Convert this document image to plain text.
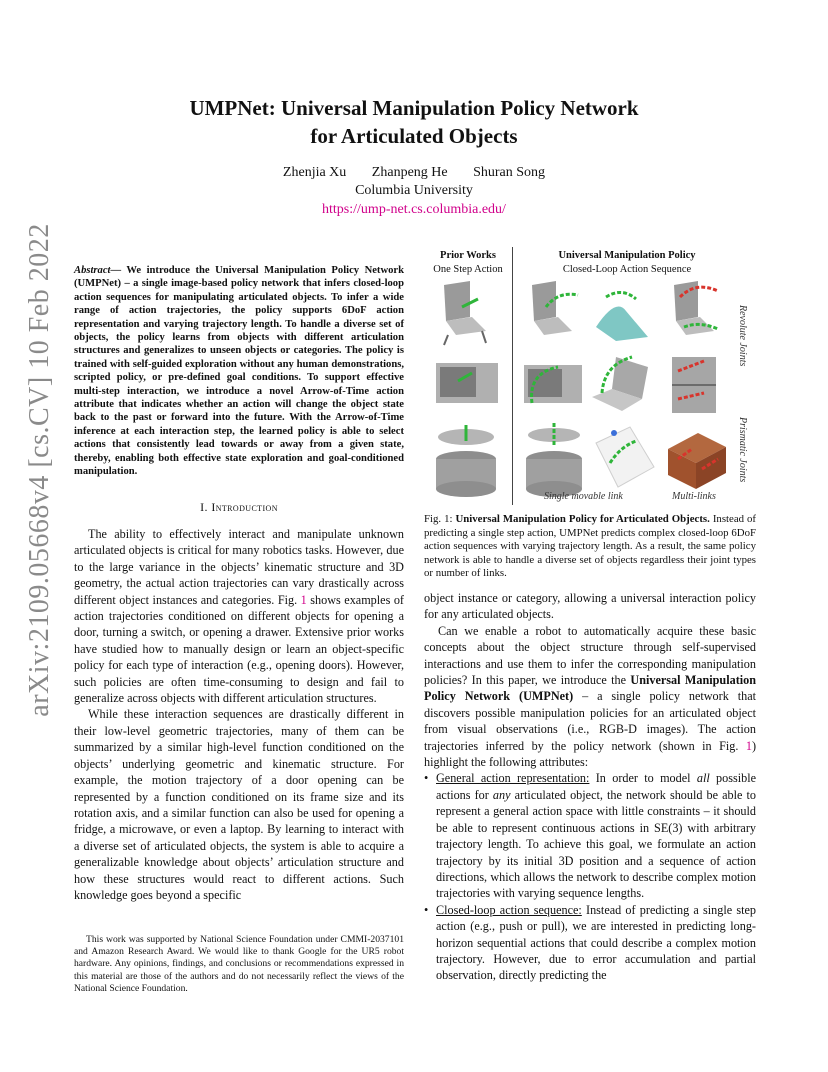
arXiv:2109.05668v4 [cs.CV] 10 Feb 2022
UMPNet: Universal Manipulation Policy Network
for Articulated Objects
Zhenjia Xu Zhanpeng He Shuran Song
Columbia University
https://ump-net.cs.columbia.edu/

Abstract— We introduce the Universal Manipulation Policy Network (UMPNet) – a single image-based policy network that infers closed-loop action sequences for manipulating articulated objects. To infer a wide range of action trajectories, the policy supports 6DoF action representation and varying trajectory length. To handle a diverse set of objects, the policy learns from objects with different articulation structures and generalizes to unseen objects or categories. The policy is trained with self-guided exploration without any human demonstrations, scripted policy, or pre-defined goal conditions. To support effective multi-step interaction, we introduce a novel Arrow-of-Time action attribute that indicates whether an action will change the object state back to the past or forward into the future. With the Arrow-of-Time inference at each interaction step, the learned policy is able to select actions that consistently lead towards or away from a given state, thereby, enabling both effective state exploration and goal-conditioned manipulation.

I. Introduction

The ability to effectively interact and manipulate unknown articulated objects is critical for many robotics tasks. However, due to the large variance in the objects’ kinematic structure and 3D geometry, the actual action trajectories can vary drastically across different object instances and categories. Fig. 1 shows examples of action trajectories conditioned on different objects for opening a door, turning a switch, or opening a drawer. Extensive prior works have studied how to manually design or learn an object-specific policy for each type of interaction (e.g., opening doors). However, such policies are often time-consuming to design and fail to generalize across objects with different articulation structures.

While these interaction sequences are drastically different in their low-level geometric trajectories, many of them can be summarized by a similar high-level function conditioned on the objects’ underlying geometric and kinematic structure. For example, the motion trajectory of a door opening can be represented by a function conditioned on its frame size and its rotation axis, and a similar function can also be used for opening a fridge, a microwave, or even a laptop. By learning to interact with a diverse set of articulated objects, the system is able to acquire a generalizable knowledge about objects’ articulation structure and how these structures would react to different actions. Such knowledge goes beyond a specific

This work was supported by National Science Foundation under CMMI-2037101 and Amazon Research Award. We would like to thank Google for the UR5 robot hardware. Any opinions, findings, and conclusions or recommendations expressed in this material are those of the authors and do not necessarily reflect the views of the National Science Foundation.

Prior Works
One Step Action
Universal Manipulation Policy
Closed-Loop Action Sequence
Revolute Joints
Prismatic Joints
Single movable link	Multi-links

Fig. 1: Universal Manipulation Policy for Articulated Objects. Instead of predicting a single step action, UMPNet predicts complex closed-loop 6DoF action sequences with varying trajectory length. As a result, the same policy network is able to handle a diverse set of objects regardless their joint types or number of links.

object instance or category, allowing a universal interaction policy for any articulated objects.

Can we enable a robot to automatically acquire these basic concepts about the object structure through self-supervised interactions and use them to infer the corresponding manipulation policies? In this paper, we introduce the Universal Manipulation Policy Network (UMPNet) – a single policy network that discovers possible manipulation policies for an articulated object from visual observations (i.e., RGB-D images). The action trajectories inferred by the policy network (shown in Fig. 1) highlight the following attributes:

• General action representation: In order to model all possible actions for any articulated object, the network should be able to represent a general action space with little constraints – it should be able to represent continuous actions in SE(3) with arbitrary trajectory length. To achieve this goal, we formulate an action trajectory by its initial 3D position and a sequence of action directions, which allows the network to describe complex motion trajectories with varying sequence lengths.
• Closed-loop action sequence: Instead of predicting a single step action (e.g., push or pull), we are interested in predicting long-horizon sequential actions that could describe a complex motion trajectory. However, due to error accumulation and partial observation, directly predicting the
